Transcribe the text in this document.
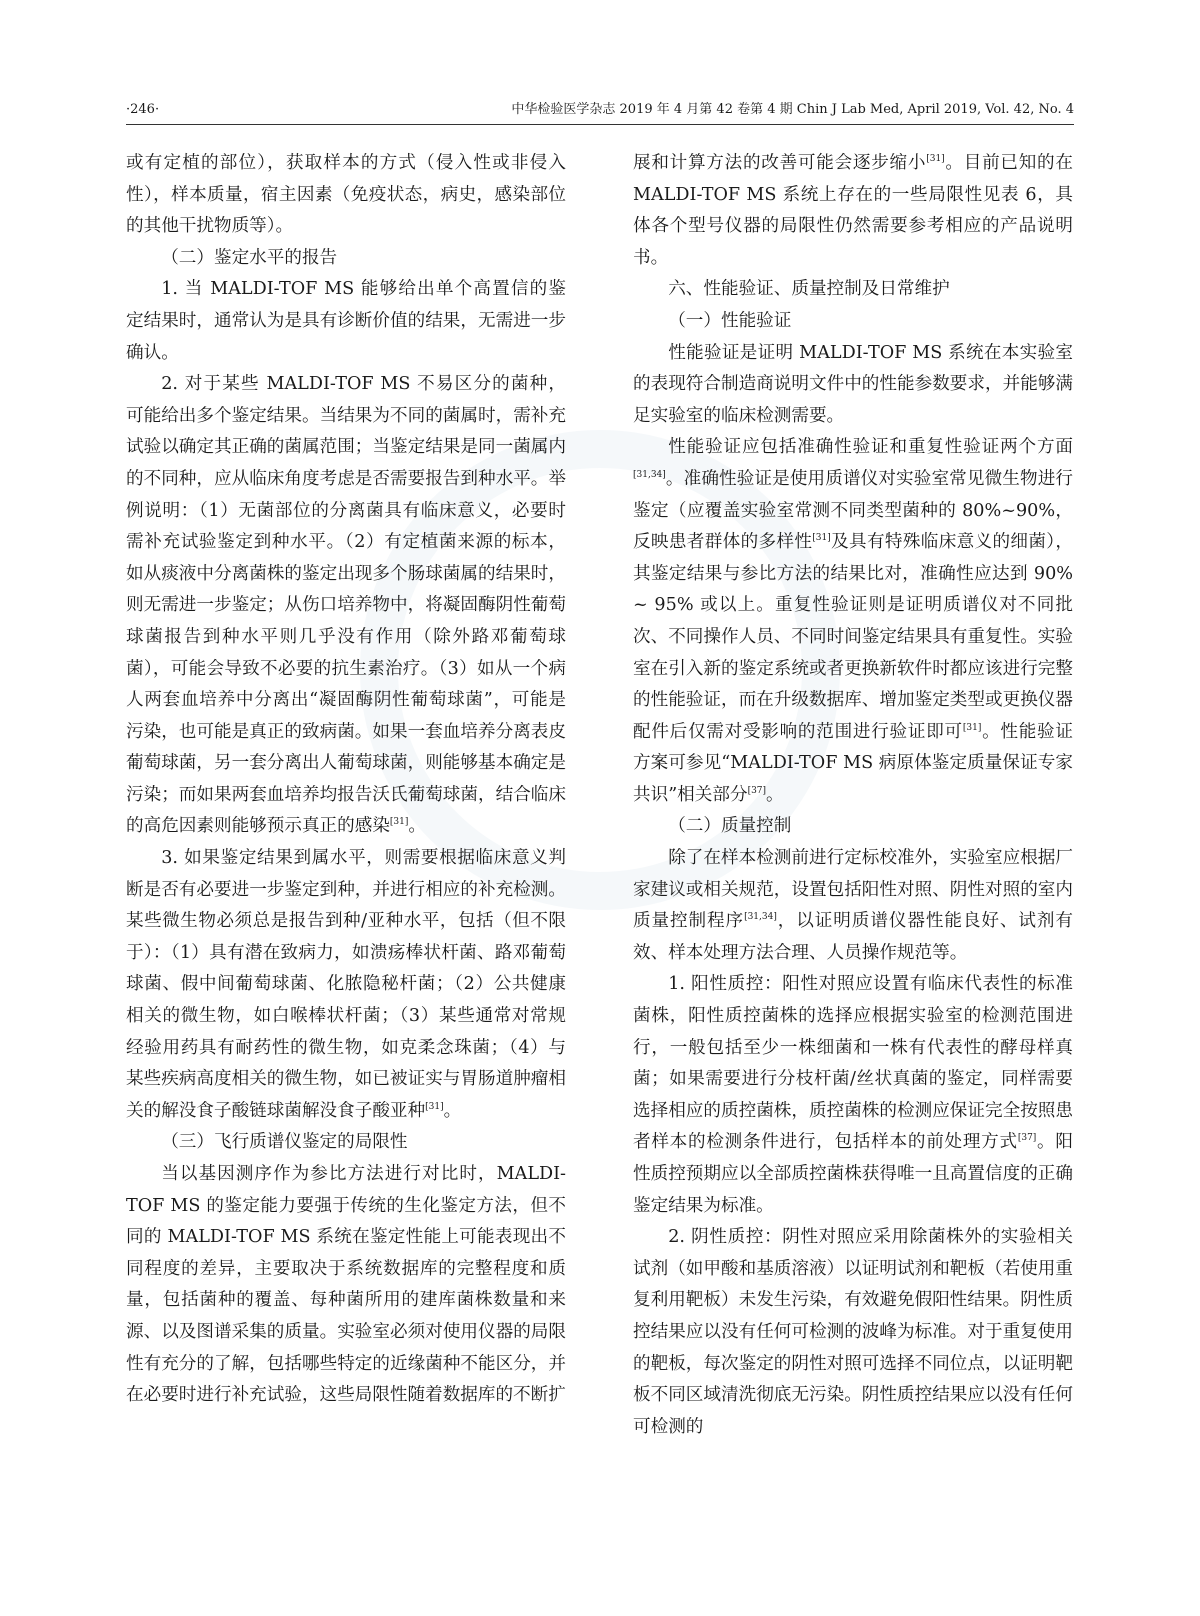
·246·	中华检验医学杂志 2019 年 4 月第 42 卷第 4 期 Chin J Lab Med, April 2019, Vol. 42, No. 4

或有定植的部位），获取样本的方式（侵入性或非侵入性），样本质量，宿主因素（免疫状态，病史，感染部位的其他干扰物质等）。

（二）鉴定水平的报告

1. 当 MALDI-TOF MS 能够给出单个高置信的鉴定结果时，通常认为是具有诊断价值的结果，无需进一步确认。

2. 对于某些 MALDI-TOF MS 不易区分的菌种，可能给出多个鉴定结果。当结果为不同的菌属时，需补充试验以确定其正确的菌属范围；当鉴定结果是同一菌属内的不同种，应从临床角度考虑是否需要报告到种水平。举例说明：（1）无菌部位的分离菌具有临床意义，必要时需补充试验鉴定到种水平。（2）有定植菌来源的标本，如从痰液中分离菌株的鉴定出现多个肠球菌属的结果时，则无需进一步鉴定；从伤口培养物中，将凝固酶阴性葡萄球菌报告到种水平则几乎没有作用（除外路邓葡萄球菌），可能会导致不必要的抗生素治疗。（3）如从一个病人两套血培养中分离出“凝固酶阴性葡萄球菌”，可能是污染，也可能是真正的致病菌。如果一套血培养分离表皮葡萄球菌，另一套分离出人葡萄球菌，则能够基本确定是污染；而如果两套血培养均报告沃氏葡萄球菌，结合临床的高危因素则能够预示真正的感染[31]。

3. 如果鉴定结果到属水平，则需要根据临床意义判断是否有必要进一步鉴定到种，并进行相应的补充检测。某些微生物必须总是报告到种/亚种水平，包括（但不限于）：（1）具有潜在致病力，如溃疡棒状杆菌、路邓葡萄球菌、假中间葡萄球菌、化脓隐秘杆菌；（2）公共健康相关的微生物，如白喉棒状杆菌；（3）某些通常对常规经验用药具有耐药性的微生物，如克柔念珠菌；（4）与某些疾病高度相关的微生物，如已被证实与胃肠道肿瘤相关的解没食子酸链球菌解没食子酸亚种[31]。

（三）飞行质谱仪鉴定的局限性

当以基因测序作为参比方法进行对比时，MALDI-TOF MS 的鉴定能力要强于传统的生化鉴定方法，但不同的 MALDI-TOF MS 系统在鉴定性能上可能表现出不同程度的差异，主要取决于系统数据库的完整程度和质量，包括菌种的覆盖、每种菌所用的建库菌株数量和来源、以及图谱采集的质量。实验室必须对使用仪器的局限性有充分的了解，包括哪些特定的近缘菌种不能区分，并在必要时进行补充试验，这些局限性随着数据库的不断扩

展和计算方法的改善可能会逐步缩小[31]。目前已知的在 MALDI-TOF MS 系统上存在的一些局限性见表 6，具体各个型号仪器的局限性仍然需要参考相应的产品说明书。

六、性能验证、质量控制及日常维护

（一）性能验证

性能验证是证明 MALDI-TOF MS 系统在本实验室的表现符合制造商说明文件中的性能参数要求，并能够满足实验室的临床检测需要。

性能验证应包括准确性验证和重复性验证两个方面[31,34]。准确性验证是使用质谱仪对实验室常见微生物进行鉴定（应覆盖实验室常测不同类型菌种的 80%~90%，反映患者群体的多样性[31]及具有特殊临床意义的细菌），其鉴定结果与参比方法的结果比对，准确性应达到 90% ~ 95% 或以上。重复性验证则是证明质谱仪对不同批次、不同操作人员、不同时间鉴定结果具有重复性。实验室在引入新的鉴定系统或者更换新软件时都应该进行完整的性能验证，而在升级数据库、增加鉴定类型或更换仪器配件后仅需对受影响的范围进行验证即可[31]。性能验证方案可参见“MALDI-TOF MS 病原体鉴定质量保证专家共识”相关部分[37]。

（二）质量控制

除了在样本检测前进行定标校准外，实验室应根据厂家建议或相关规范，设置包括阳性对照、阴性对照的室内质量控制程序[31,34]，以证明质谱仪器性能良好、试剂有效、样本处理方法合理、人员操作规范等。

1. 阳性质控：阳性对照应设置有临床代表性的标准菌株，阳性质控菌株的选择应根据实验室的检测范围进行，一般包括至少一株细菌和一株有代表性的酵母样真菌；如果需要进行分枝杆菌/丝状真菌的鉴定，同样需要选择相应的质控菌株，质控菌株的检测应保证完全按照患者样本的检测条件进行，包括样本的前处理方式[37]。阳性质控预期应以全部质控菌株获得唯一且高置信度的正确鉴定结果为标准。

2. 阴性质控：阴性对照应采用除菌株外的实验相关试剂（如甲酸和基质溶液）以证明试剂和靶板（若使用重复利用靶板）未发生污染，有效避免假阳性结果。阴性质控结果应以没有任何可检测的波峰为标准。对于重复使用的靶板，每次鉴定的阴性对照可选择不同位点，以证明靶板不同区域清洗彻底无污染。阴性质控结果应以没有任何可检测的
